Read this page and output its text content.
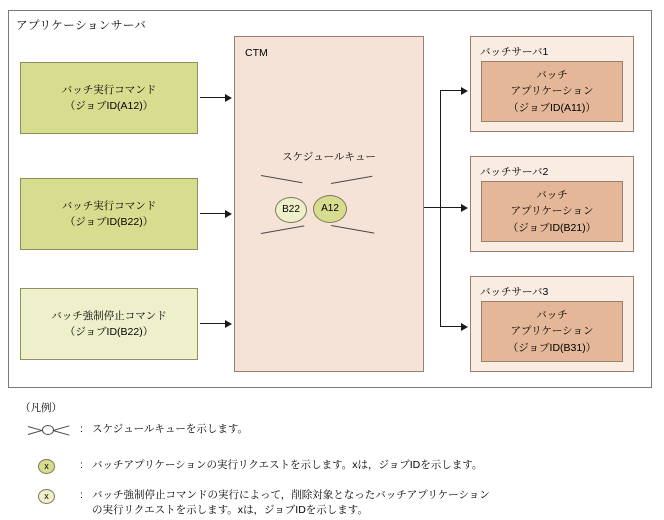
アプリケーションサーバ
バッチ実行コマンド
（ジョブID(A12)）
バッチ実行コマンド
（ジョブID(B22)）
バッチ強制停止コマンド
（ジョブID(B22)）
CTM
スケジュールキュー
B22 A12
バッチサーバ1
バッチ
アプリケーション
（ジョブID(A11)）
バッチサーバ2
バッチ
アプリケーション
（ジョブID(B21)）
バッチサーバ3
バッチ
アプリケーション
（ジョブID(B31)）
（凡例）
: スケジュールキューを示します。
x	: バッチアプリケーションの実行リクエストを示します。xは，ジョブIDを示します。
x	: バッチ強制停止コマンドの実行によって，削除対象となったバッチアプリケーション
の実行リクエストを示します。xは，ジョブIDを示します。
